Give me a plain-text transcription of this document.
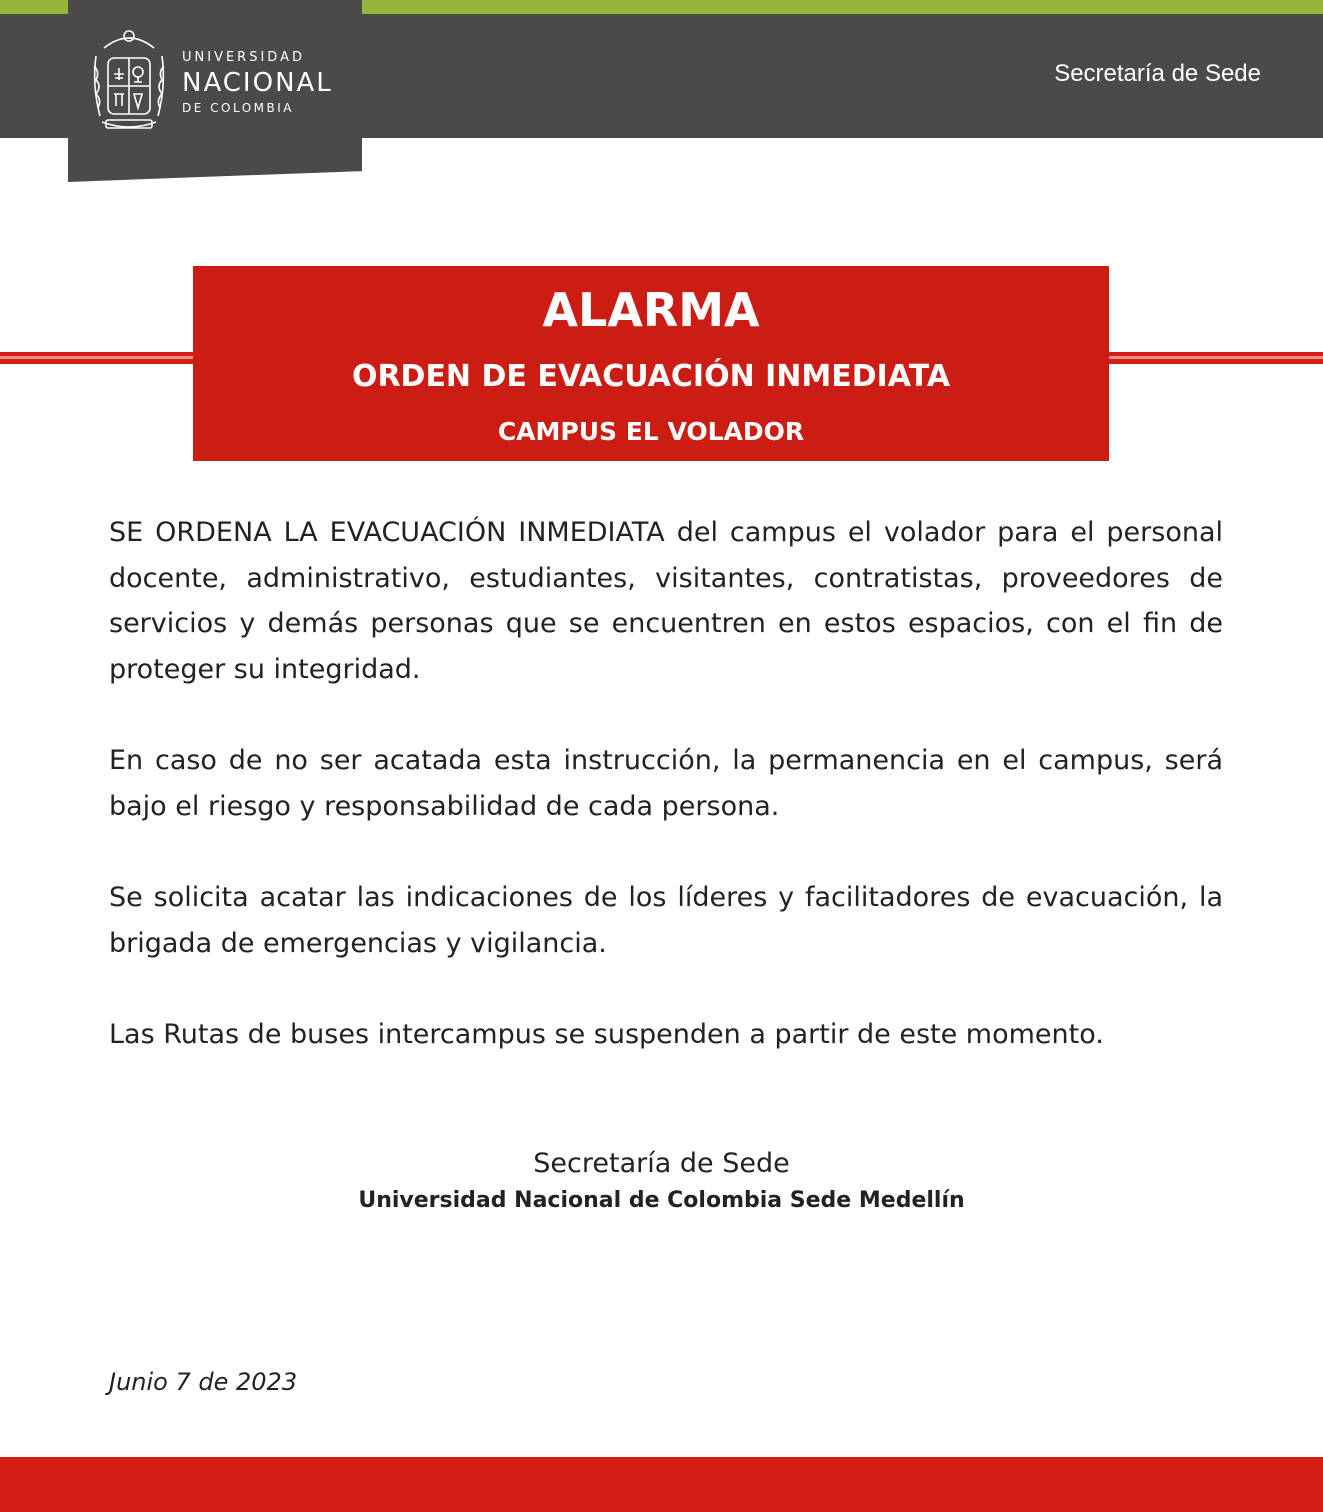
UNIVERSIDAD
NACIONAL
DE COLOMBIA
Secretaría de Sede
ALARMA
ORDEN DE EVACUACIÓN INMEDIATA
CAMPUS EL VOLADOR

SE ORDENA LA EVACUACIÓN INMEDIATA del campus el volador para el personal docente, administrativo, estudiantes, visitantes, contratistas, proveedores de servicios y demás personas que se encuentren en estos espacios, con el fin de proteger su integridad.

En caso de no ser acatada esta instrucción, la permanencia en el campus, será bajo el riesgo y responsabilidad de cada persona.

Se solicita acatar las indicaciones de los líderes y facilitadores de evacuación, la brigada de emergencias y vigilancia.

Las Rutas de buses intercampus se suspenden a partir de este momento.

Secretaría de Sede
Universidad Nacional de Colombia Sede Medellín
Junio 7 de 2023
